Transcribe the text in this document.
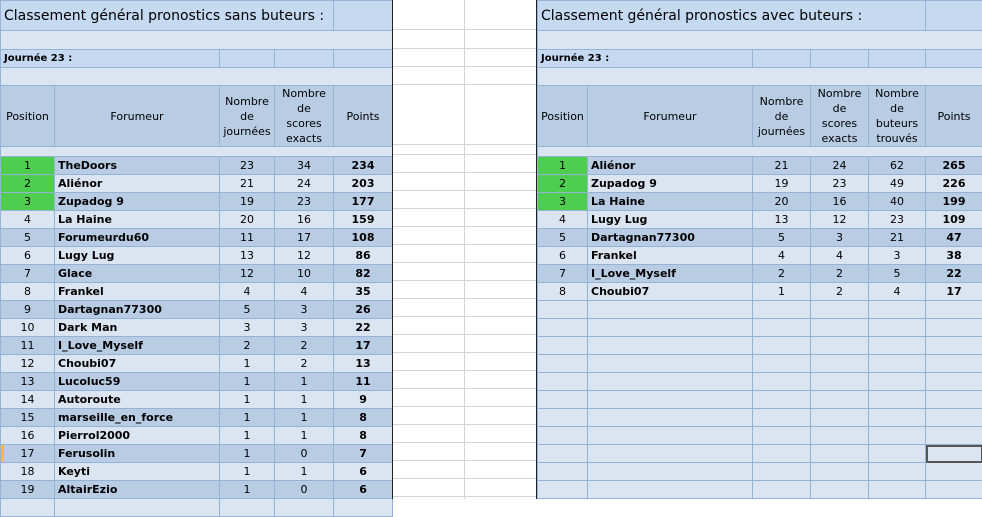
Classement général pronostics sans buteurs :				

Journée 23 :				

Position	Forumeur	Nombre de journées	Nombre de scores exacts	Points

1	TheDoors	23	34	234
2	Aliénor	21	24	203
3	Zupadog 9	19	23	177
4	La Haine	20	16	159
5	Forumeurdu60	11	17	108
6	Lugy Lug	13	12	86
7	Glace	12	10	82
8	Frankel	4	4	35
9	Dartagnan77300	5	3	26
10	Dark Man	3	3	22
11	I_Love_Myself	2	2	17
12	Choubi07	1	2	13
13	Lucoluc59	1	1	11
14	Autoroute	1	1	9
15	marseille_en_force	1	1	8
16	Pierrol2000	1	1	8
17	Ferusolin	1	0	7
18	Keyti	1	1	6
19	AltairEzio	1	0	6

Classement général pronostics avec buteurs :					

Journée 23 :					

Position	Forumeur	Nombre de journées	Nombre de scores exacts	Nombre de buteurs trouvés	Points

1	Aliénor	21	24	62	265
2	Zupadog 9	19	23	49	226
3	La Haine	20	16	40	199
4	Lugy Lug	13	12	23	109
5	Dartagnan77300	5	3	21	47
6	Frankel	4	4	3	38
7	I_Love_Myself	2	2	5	22
8	Choubi07	1	2	4	17
